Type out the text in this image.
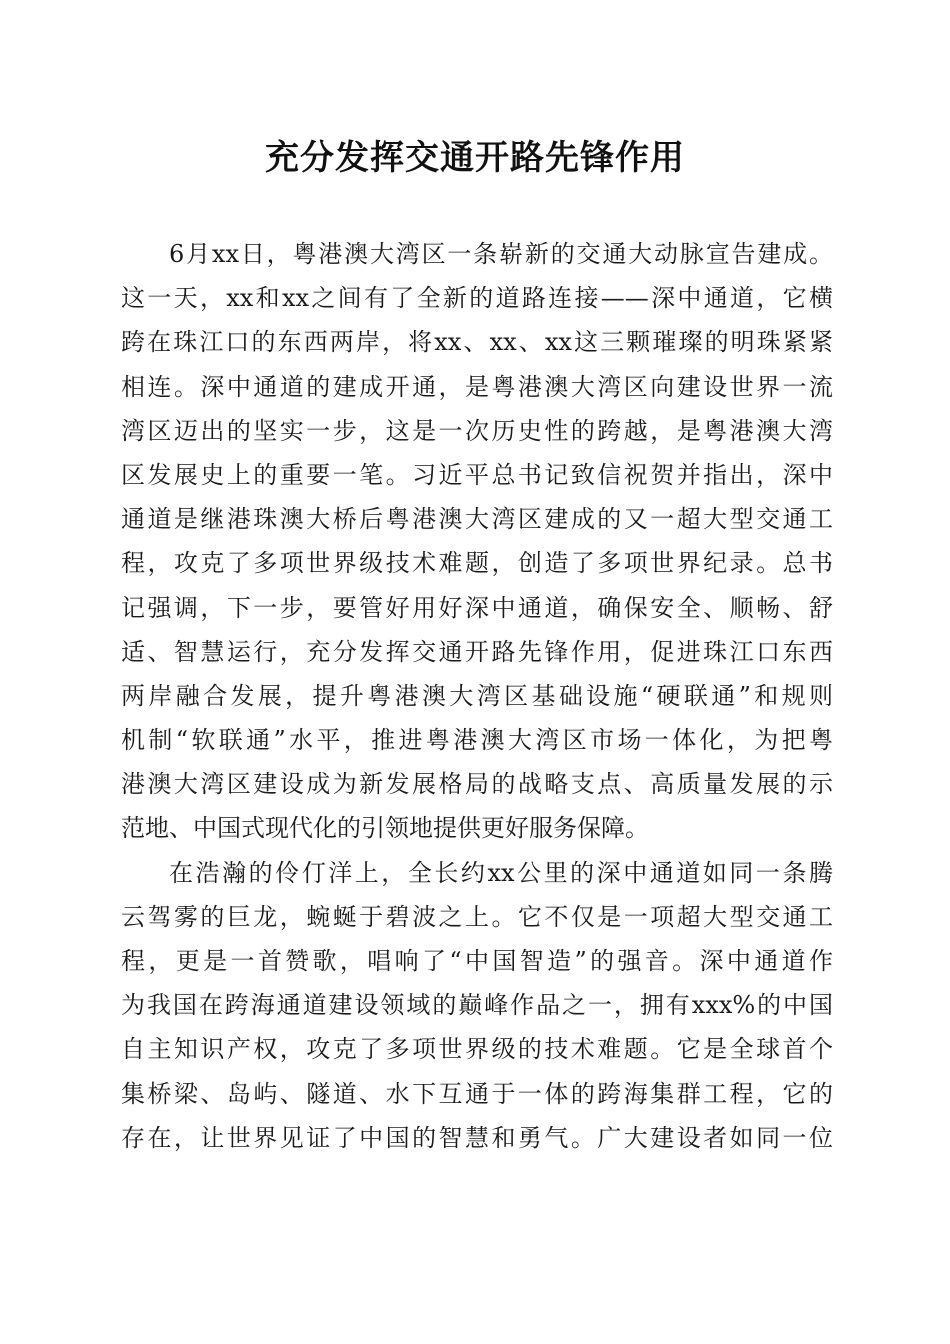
充分发挥交通开路先锋作用
6月xx日，粤港澳大湾区一条崭新的交通大动脉宣告建成。
这一天，xx和xx之间有了全新的道路连接——深中通道，它横
跨在珠江口的东西两岸，将xx、xx、xx这三颗璀璨的明珠紧紧
相连。深中通道的建成开通，是粤港澳大湾区向建设世界一流
湾区迈出的坚实一步，这是一次历史性的跨越，是粤港澳大湾
区发展史上的重要一笔。习近平总书记致信祝贺并指出，深中
通道是继港珠澳大桥后粤港澳大湾区建成的又一超大型交通工
程，攻克了多项世界级技术难题，创造了多项世界纪录。总书
记强调，下一步，要管好用好深中通道，确保安全、顺畅、舒
适、智慧运行，充分发挥交通开路先锋作用，促进珠江口东西
两岸融合发展，提升粤港澳大湾区基础设施“硬联通”和规则
机制“软联通”水平，推进粤港澳大湾区市场一体化，为把粤
港澳大湾区建设成为新发展格局的战略支点、高质量发展的示
范地、中国式现代化的引领地提供更好服务保障。
在浩瀚的伶仃洋上，全长约xx公里的深中通道如同一条腾
云驾雾的巨龙，蜿蜒于碧波之上。它不仅是一项超大型交通工
程，更是一首赞歌，唱响了“中国智造”的强音。深中通道作
为我国在跨海通道建设领域的巅峰作品之一，拥有xxx%的中国
自主知识产权，攻克了多项世界级的技术难题。它是全球首个
集桥梁、岛屿、隧道、水下互通于一体的跨海集群工程，它的
存在，让世界见证了中国的智慧和勇气。广大建设者如同一位
